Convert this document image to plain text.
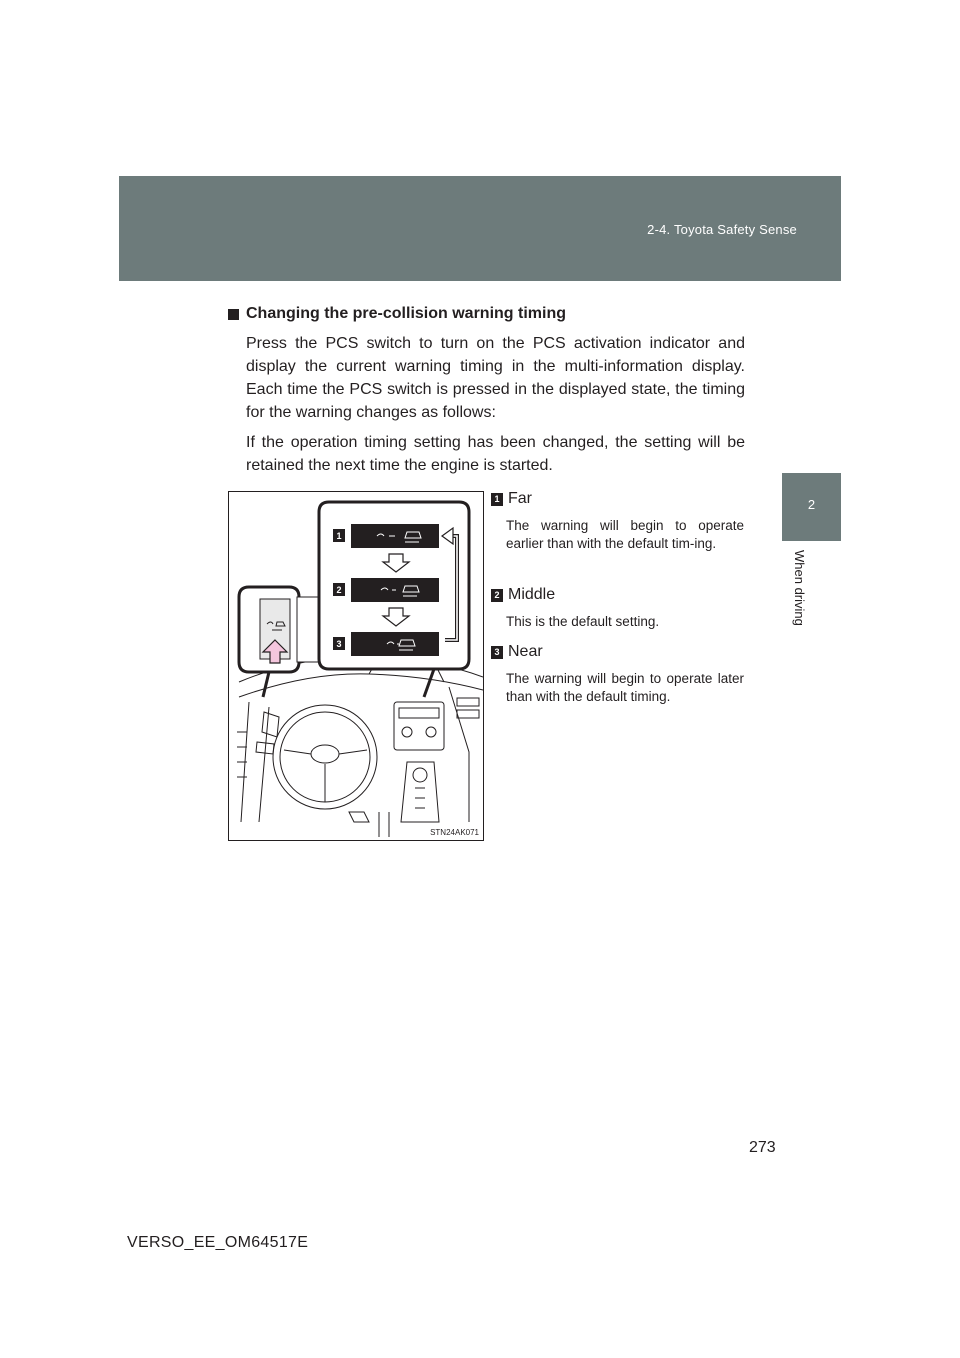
2-4. Toyota Safety Sense
2
When driving
Changing the pre-collision warning timing

Press the PCS switch to turn on the PCS activation indicator and display the current warning timing in the multi-information display. Each time the PCS switch is pressed in the displayed state, the timing for the warning changes as follows:

If the operation timing setting has been changed, the setting will be retained the next time the engine is started.

1
2
3
STN24AK071
1 Far
The warning will begin to operate earlier than with the default tim-ing.
2 Middle
This is the default setting.
3 Near
The warning will begin to operate later than with the default timing.
273
VERSO_EE_OM64517E
